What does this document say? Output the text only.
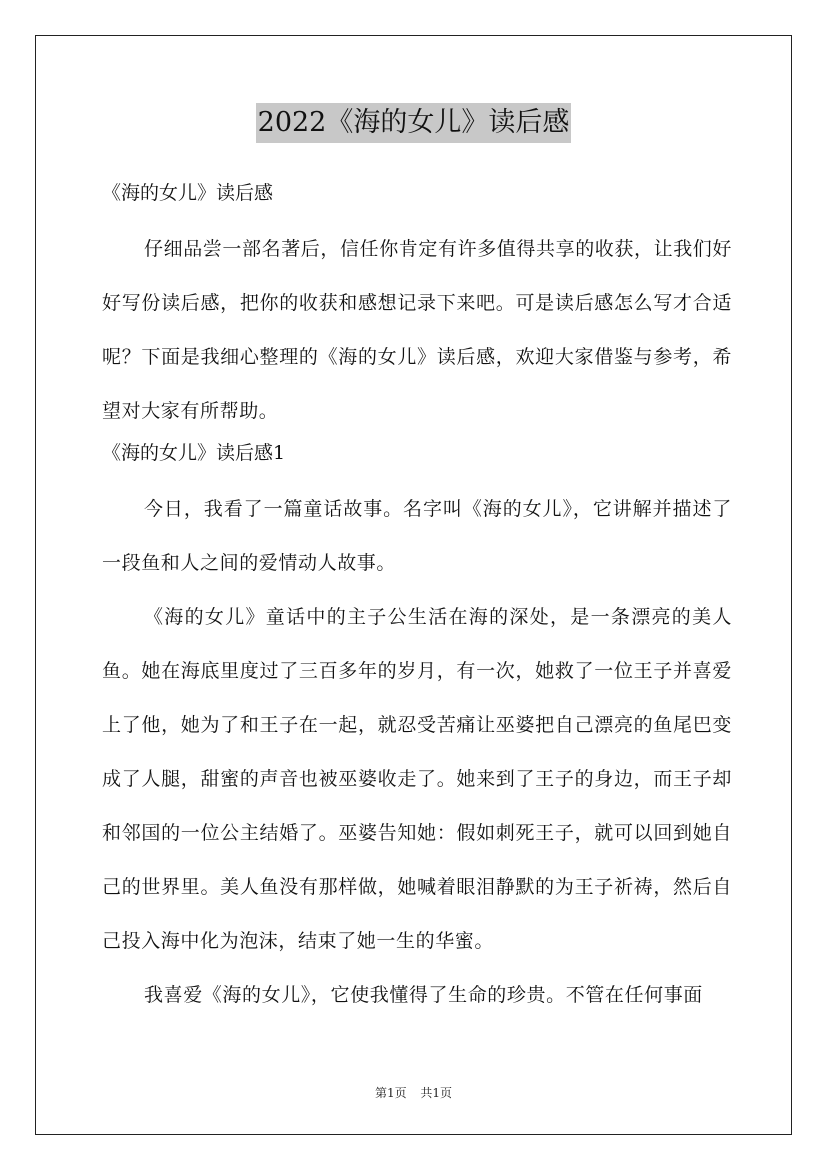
2022《海的女儿》读后感

《海的女儿》读后感

仔细品尝一部名著后，信任你肯定有许多值得共享的收获，让我们好好写份读后感，把你的收获和感想记录下来吧。可是读后感怎么写才合适呢？下面是我细心整理的《海的女儿》读后感，欢迎大家借鉴与参考，希望对大家有所帮助。

《海的女儿》读后感1

今日，我看了一篇童话故事。名字叫《海的女儿》，它讲解并描述了一段鱼和人之间的爱情动人故事。

《海的女儿》童话中的主子公生活在海的深处，是一条漂亮的美人鱼。她在海底里度过了三百多年的岁月，有一次，她救了一位王子并喜爱上了他，她为了和王子在一起，就忍受苦痛让巫婆把自己漂亮的鱼尾巴变成了人腿，甜蜜的声音也被巫婆收走了。她来到了王子的身边，而王子却和邻国的一位公主结婚了。巫婆告知她：假如刺死王子，就可以回到她自己的世界里。美人鱼没有那样做，她喊着眼泪静默的为王子祈祷，然后自己投入海中化为泡沫，结束了她一生的华蜜。

我喜爱《海的女儿》，它使我懂得了生命的珍贵。不管在任何事面

第1页 共1页
